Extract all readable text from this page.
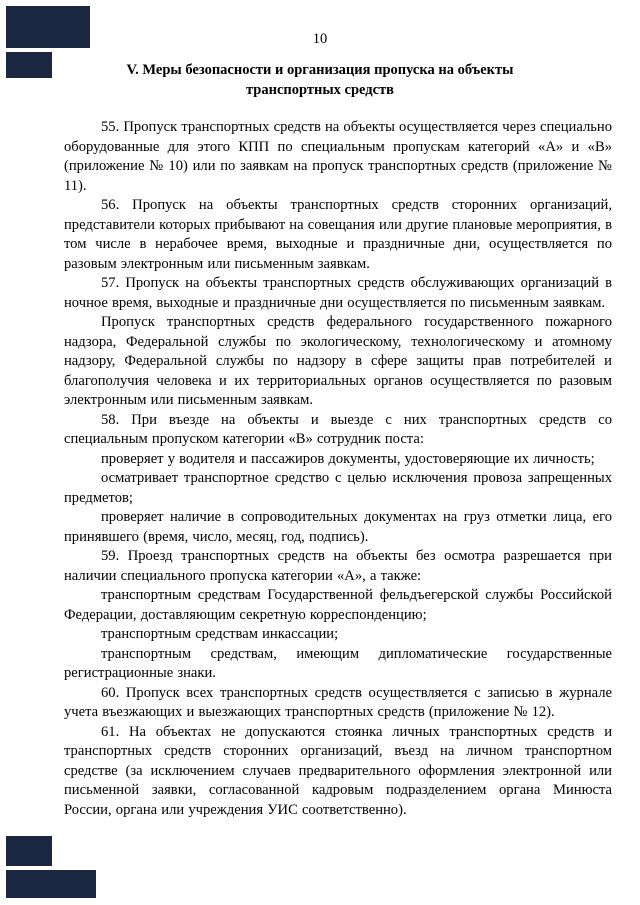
10
V. Меры безопасности и организация пропуска на объекты
транспортных средств

55. Пропуск транспортных средств на объекты осуществляется через специально оборудованные для этого КПП по специальным пропускам категорий «А» и «В» (приложение № 10) или по заявкам на пропуск транспортных средств (приложение № 11).

56. Пропуск на объекты транспортных средств сторонних организаций, представители которых прибывают на совещания или другие плановые мероприятия, в том числе в нерабочее время, выходные и праздничные дни, осуществляется по разовым электронным или письменным заявкам.

57. Пропуск на объекты транспортных средств обслуживающих организаций в ночное время, выходные и праздничные дни осуществляется по письменным заявкам.

Пропуск транспортных средств федерального государственного пожарного надзора, Федеральной службы по экологическому, технологическому и атомному надзору, Федеральной службы по надзору в сфере защиты прав потребителей и благополучия человека и их территориальных органов осуществляется по разовым электронным или письменным заявкам.

58. При въезде на объекты и выезде с них транспортных средств со специальным пропуском категории «В» сотрудник поста:

проверяет у водителя и пассажиров документы, удостоверяющие их личность;

осматривает транспортное средство с целью исключения провоза запрещенных предметов;

проверяет наличие в сопроводительных документах на груз отметки лица, его принявшего (время, число, месяц, год, подпись).

59. Проезд транспортных средств на объекты без осмотра разрешается при наличии специального пропуска категории «А», а также:

транспортным средствам Государственной фельдъегерской службы Российской Федерации, доставляющим секретную корреспонденцию;

транспортным средствам инкассации;

транспортным средствам, имеющим дипломатические государственные регистрационные знаки.

60. Пропуск всех транспортных средств осуществляется с записью в журнале учета въезжающих и выезжающих транспортных средств (приложение № 12).

61. На объектах не допускаются стоянка личных транспортных средств и транспортных средств сторонних организаций, въезд на личном транспортном средстве (за исключением случаев предварительного оформления электронной или письменной заявки, согласованной кадровым подразделением органа Минюста России, органа или учреждения УИС соответственно).
